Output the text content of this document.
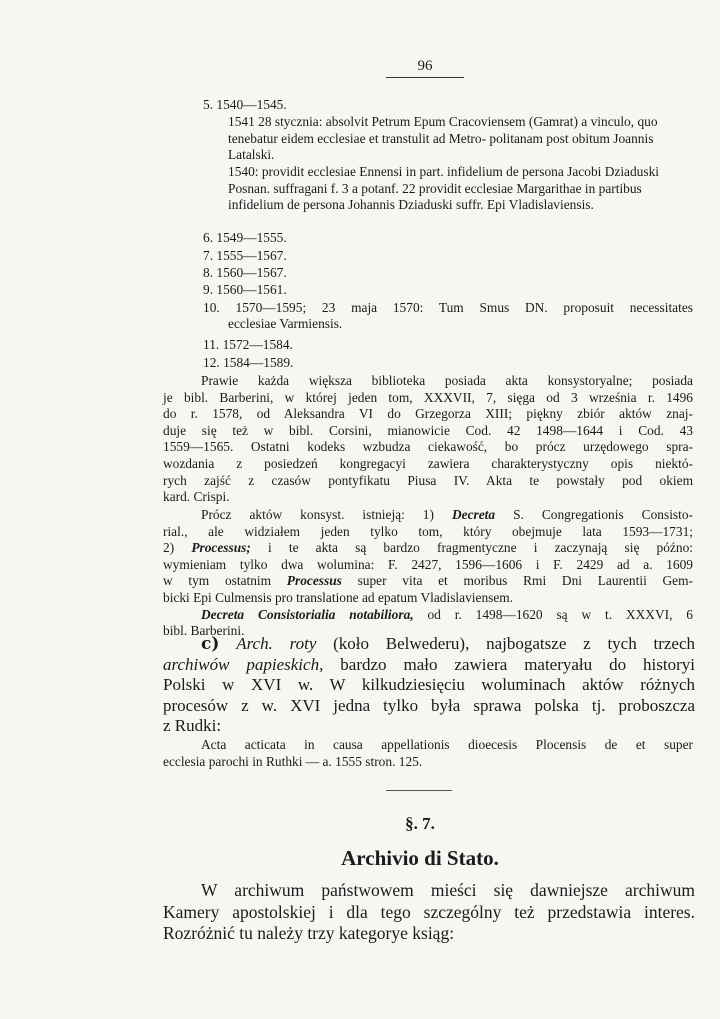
96
5. 1540—1545.
1541 28 stycznia: absolvit Petrum Epum Cracoviensem (Gamrat) a vinculo, quo tenebatur eidem ecclesiae et transtulit ad Metro- politanam post obitum Joannis Latalski.
1540: providit ecclesiae Ennensi in part. infidelium de persona Jacobi Dziaduski Posnan. suffragani f. 3 a potanf. 22 providit ecclesiae Margarithae in partibus infidelium de persona Johannis Dziaduski suffr. Epi Vladislaviensis.
6. 1549—1555.
7. 1555—1567.
8. 1560—1567.
9. 1560—1561.
10. 1570—1595; 23 maja 1570: Tum Smus DN. proposuit necessitates
ecclesiae Varmiensis.
11. 1572—1584.
12. 1584—1589.
Prawie każda większa biblioteka posiada akta konsystoryalne; posiada
je bibl. Barberini, w której jeden tom, XXXVII, 7, sięga od 3 września r. 1496
do r. 1578, od Aleksandra VI do Grzegorza XIII; piękny zbiór aktów znaj-
duje się też w bibl. Corsini, mianowicie Cod. 42 1498—1644 i Cod. 43
1559—1565. Ostatni kodeks wzbudza ciekawość, bo prócz urzędowego spra-
wozdania z posiedzeń kongregacyi zawiera charakterystyczny opis niektó-
rych zajść z czasów pontyfikatu Piusa IV. Akta te powstały pod okiem
kard. Crispi.
Prócz aktów konsyst. istnieją: 1) Decreta S. Congregationis Consisto-
rial., ale widziałem jeden tylko tom, który obejmuje lata 1593—1731;
2) Processus; i te akta są bardzo fragmentyczne i zaczynają się późno:
wymieniam tylko dwa wolumina: F. 2427, 1596—1606 i F. 2429 ad a. 1609
w tym ostatnim Processus super vita et moribus Rmi Dni Laurentii Gem-
bicki Epi Culmensis pro translatione ad epatum Vladislaviensem.
Decreta Consistorialia notabiliora, od r. 1498—1620 są w t. XXXVI, 6
bibl. Barberini.
c) Arch. roty (koło Belwederu), najbogatsze z tych trzech
archiwów papieskich, bardzo mało zawiera materyału do historyi
Polski w XVI w. W kilkudziesięciu woluminach aktów różnych
procesów z w. XVI jedna tylko była sprawa polska tj. proboszcza
z Rudki:
Acta acticata in causa appellationis dioecesis Plocensis de et super
ecclesia parochi in Ruthki — a. 1555 stron. 125.
§. 7.
Archivio di Stato.
W archiwum państwowem mieści się dawniejsze archiwum
Kamery apostolskiej i dla tego szczególny też przedstawia interes.
Rozróżnić tu należy trzy kategorye ksiąg:
